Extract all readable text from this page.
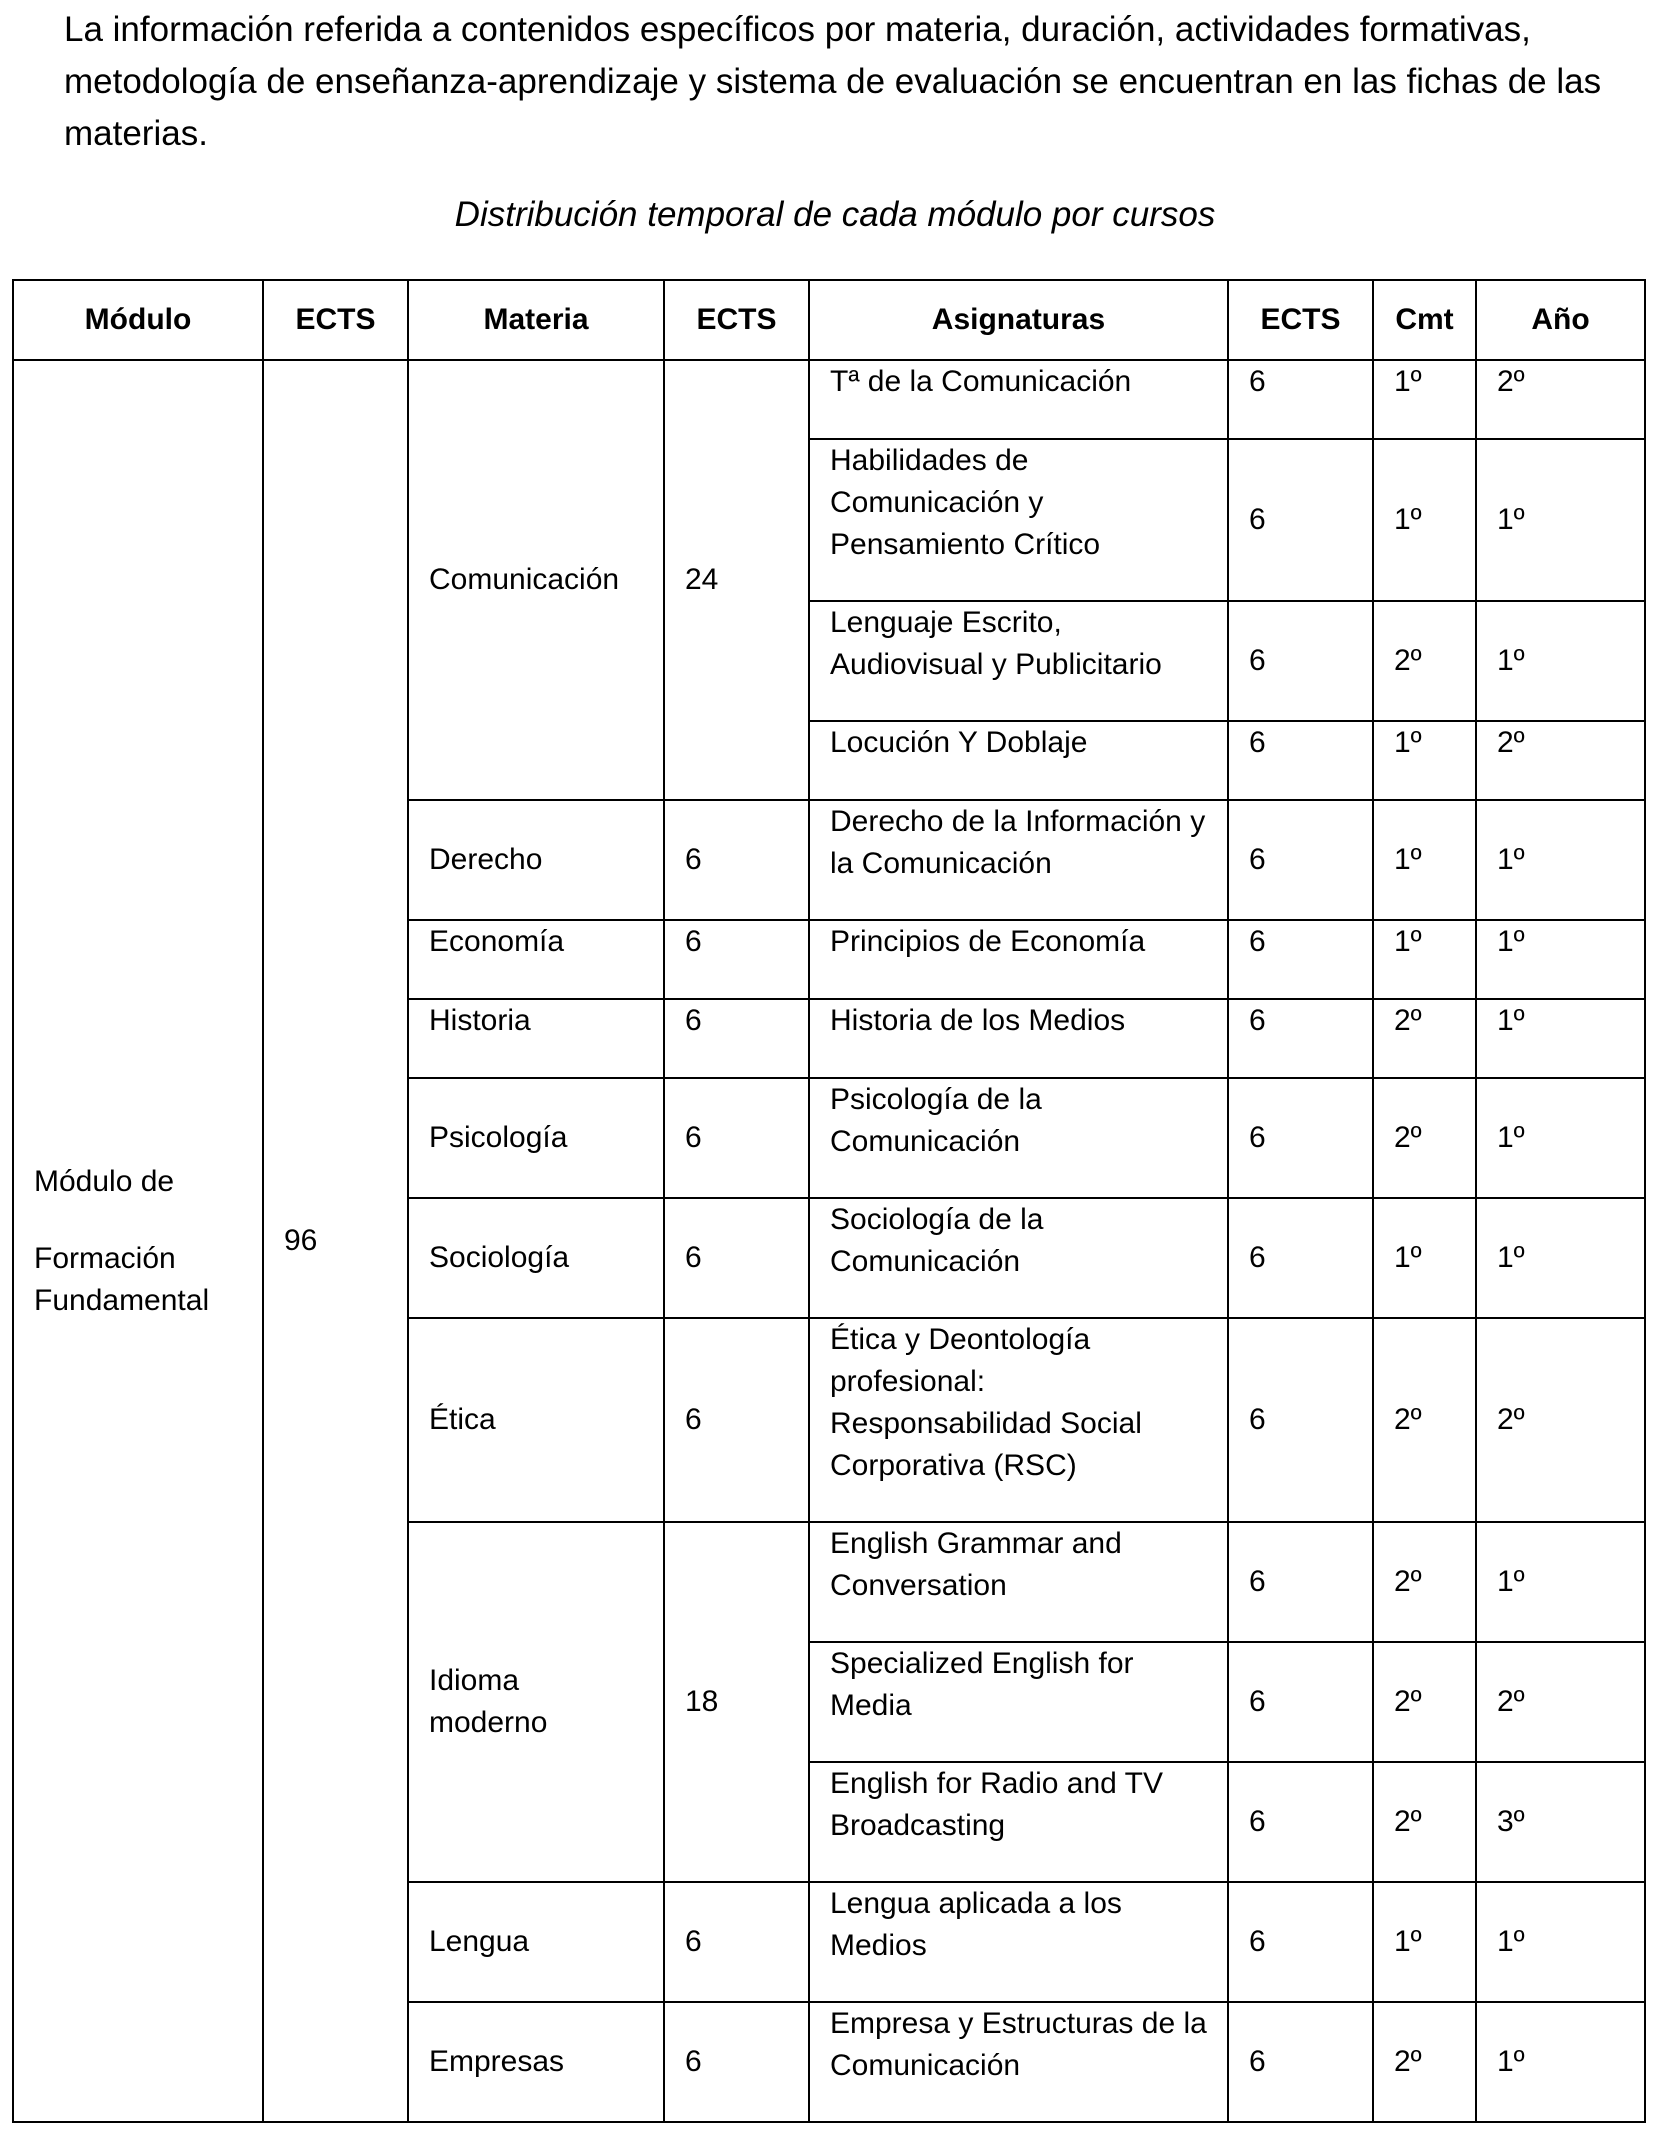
La información referida a contenidos específicos por materia, duración, actividades formativas, metodología de enseñanza-aprendizaje y sistema de evaluación se encuentran en las fichas de las materias.

Distribución temporal de cada módulo por cursos

Módulo	ECTS	Materia	ECTS	Asignaturas	ECTS	Cmt	Año

Módulo de
Formación Fundamental	96	Comunicación	24	Tª de la Comunicación	6	1º	2º
				Habilidades de Comunicación y Pensamiento Crítico	6	1º	1º
				Lenguaje Escrito, Audiovisual y Publicitario	6	2º	1º
				Locución Y Doblaje	6	1º	2º
		Derecho	6	Derecho de la Información y la Comunicación	6	1º	1º
		Economía	6	Principios de Economía	6	1º	1º
		Historia	6	Historia de los Medios	6	2º	1º
		Psicología	6	Psicología de la Comunicación	6	2º	1º
		Sociología	6	Sociología de la Comunicación	6	1º	1º
		Ética	6	Ética y Deontología profesional: Responsabilidad Social Corporativa (RSC)	6	2º	2º
		Idioma moderno	18	English Grammar and Conversation	6	2º	1º
				Specialized English for Media	6	2º	2º
				English for Radio and TV Broadcasting	6	2º	3º
		Lengua	6	Lengua aplicada a los Medios	6	1º	1º
		Empresas	6	Empresa y Estructuras de la Comunicación	6	2º	1º
